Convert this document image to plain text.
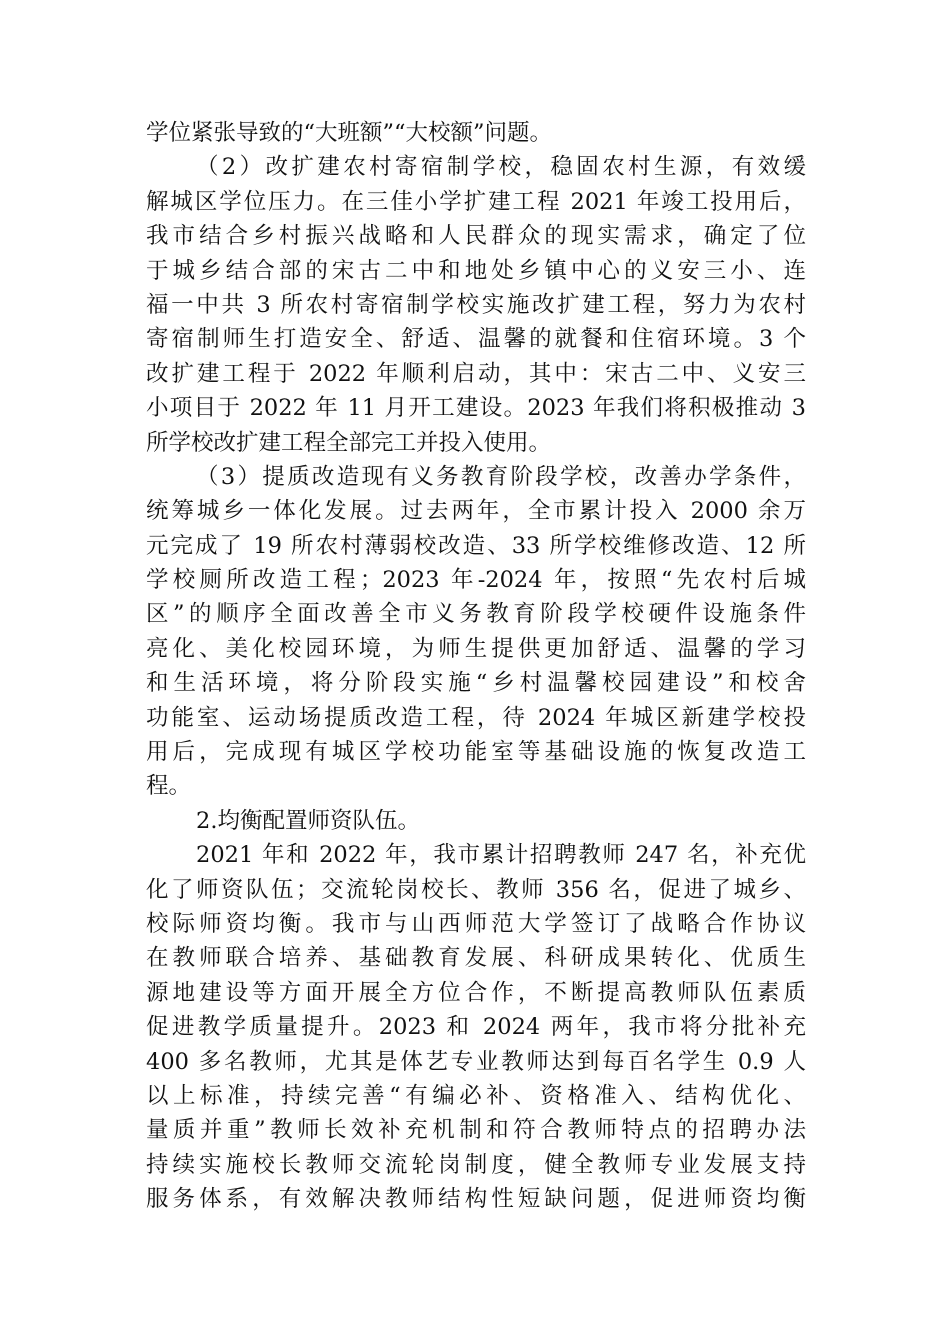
学位紧张导致的“大班额”“大校额”问题。
（2）改扩建农村寄宿制学校，稳固农村生源，有效缓
解城区学位压力。在三佳小学扩建工程 2021 年竣工投用后，
我市结合乡村振兴战略和人民群众的现实需求，确定了位
于城乡结合部的宋古二中和地处乡镇中心的义安三小、连
福一中共 3 所农村寄宿制学校实施改扩建工程，努力为农村
寄宿制师生打造安全、舒适、温馨的就餐和住宿环境。3 个
改扩建工程于 2022 年顺利启动，其中：宋古二中、义安三
小项目于 2022 年 11 月开工建设。2023 年我们将积极推动 3
所学校改扩建工程全部完工并投入使用。
（3）提质改造现有义务教育阶段学校，改善办学条件，
统筹城乡一体化发展。过去两年，全市累计投入 2000 余万
元完成了 19 所农村薄弱校改造、33 所学校维修改造、12 所
学校厕所改造工程；2023 年-2024 年，按照“先农村后城
区”的顺序全面改善全市义务教育阶段学校硬件设施条件
亮化、美化校园环境，为师生提供更加舒适、温馨的学习
和生活环境，将分阶段实施“乡村温馨校园建设”和校舍
功能室、运动场提质改造工程，待 2024 年城区新建学校投
用后，完成现有城区学校功能室等基础设施的恢复改造工
程。
2.均衡配置师资队伍。
2021 年和 2022 年，我市累计招聘教师 247 名，补充优
化了师资队伍；交流轮岗校长、教师 356 名，促进了城乡、
校际师资均衡。我市与山西师范大学签订了战略合作协议
在教师联合培养、基础教育发展、科研成果转化、优质生
源地建设等方面开展全方位合作，不断提高教师队伍素质
促进教学质量提升。2023 和 2024 两年，我市将分批补充
400 多名教师，尤其是体艺专业教师达到每百名学生 0.9 人
以上标准，持续完善“有编必补、资格准入、结构优化、
量质并重”教师长效补充机制和符合教师特点的招聘办法
持续实施校长教师交流轮岗制度，健全教师专业发展支持
服务体系，有效解决教师结构性短缺问题，促进师资均衡
